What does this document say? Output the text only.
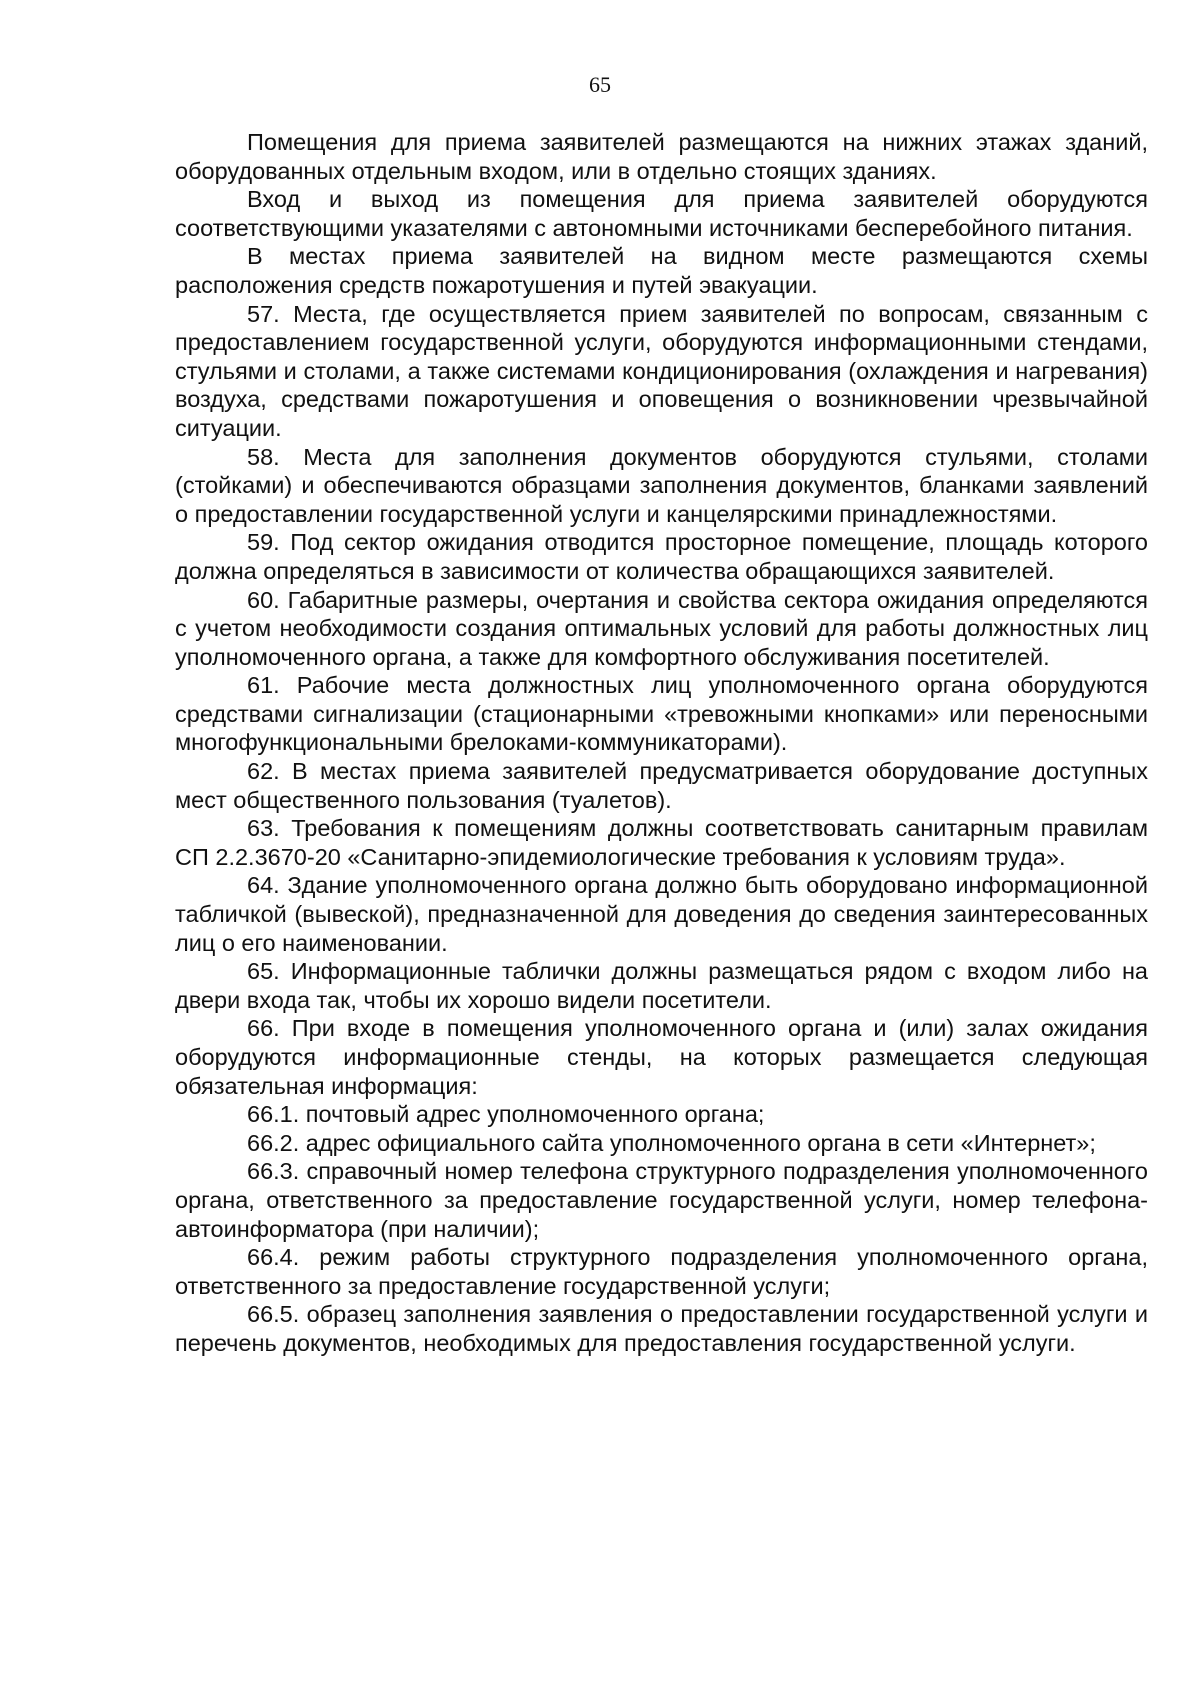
65

Помещения для приема заявителей размещаются на нижних этажах зданий, оборудованных отдельным входом, или в отдельно стоящих зданиях.

Вход и выход из помещения для приема заявителей оборудуются соответствующими указателями с автономными источниками бесперебойного питания.

В местах приема заявителей на видном месте размещаются схемы расположения средств пожаротушения и путей эвакуации.

57. Места, где осуществляется прием заявителей по вопросам, связанным с предоставлением государственной услуги, оборудуются информационными стендами, стульями и столами, а также системами кондиционирования (охлаждения и нагревания) воздуха, средствами пожаротушения и оповещения о возникновении чрезвычайной ситуации.

58. Места для заполнения документов оборудуются стульями, столами (стойками) и обеспечиваются образцами заполнения документов, бланками заявлений о предоставлении государственной услуги и канцелярскими принадлежностями.

59. Под сектор ожидания отводится просторное помещение, площадь которого должна определяться в зависимости от количества обращающихся заявителей.

60. Габаритные размеры, очертания и свойства сектора ожидания определяются с учетом необходимости создания оптимальных условий для работы должностных лиц уполномоченного органа, а также для комфортного обслуживания посетителей.

61. Рабочие места должностных лиц уполномоченного органа оборудуются средствами сигнализации (стационарными «тревожными кнопками» или переносными многофункциональными брелоками-коммуникаторами).

62. В местах приема заявителей предусматривается оборудование доступных мест общественного пользования (туалетов).

63. Требования к помещениям должны соответствовать санитарным правилам СП 2.2.3670-20 «Санитарно-эпидемиологические требования к условиям труда».

64. Здание уполномоченного органа должно быть оборудовано информационной табличкой (вывеской), предназначенной для доведения до сведения заинтересованных лиц о его наименовании.

65. Информационные таблички должны размещаться рядом с входом либо на двери входа так, чтобы их хорошо видели посетители.

66. При входе в помещения уполномоченного органа и (или) залах ожидания оборудуются информационные стенды, на которых размещается следующая обязательная информация:

66.1. почтовый адрес уполномоченного органа;

66.2. адрес официального сайта уполномоченного органа в сети «Интернет»;

66.3. справочный номер телефона структурного подразделения уполномоченного органа, ответственного за предоставление государственной услуги, номер телефона-автоинформатора (при наличии);

66.4. режим работы структурного подразделения уполномоченного органа, ответственного за предоставление государственной услуги;

66.5. образец заполнения заявления о предоставлении государственной услуги и перечень документов, необходимых для предоставления государственной услуги.
